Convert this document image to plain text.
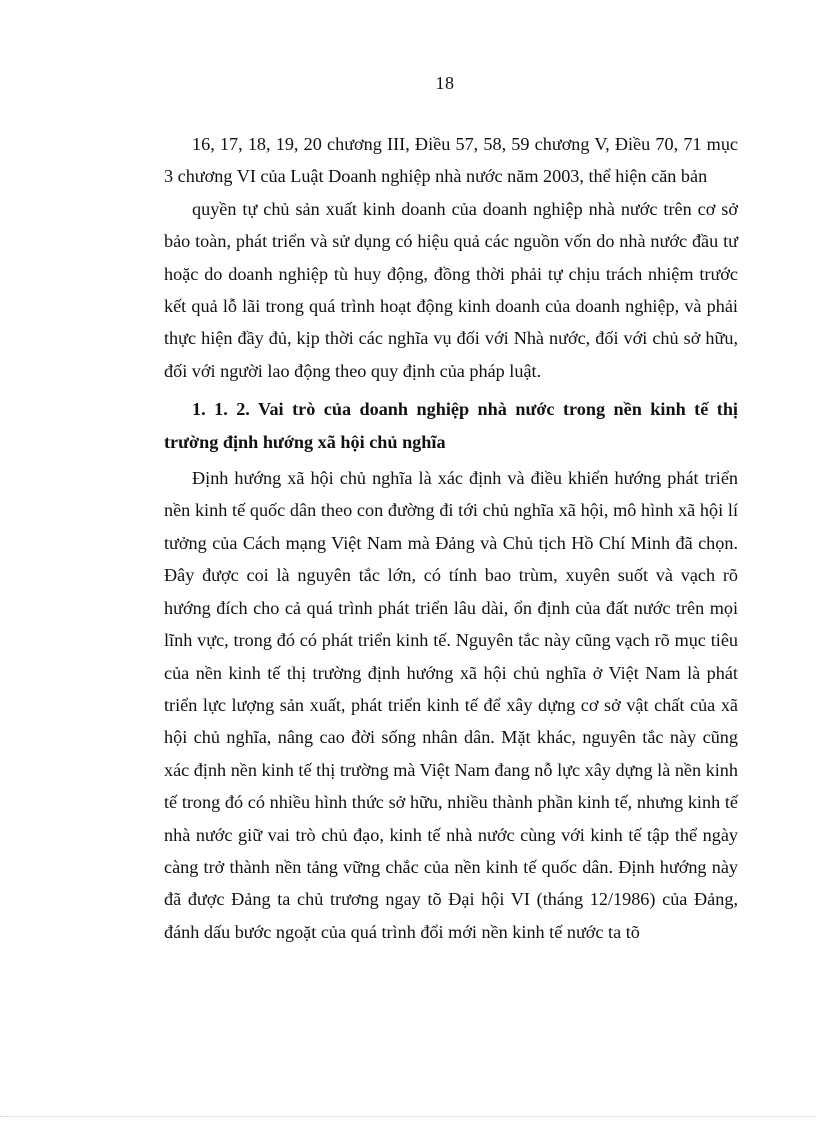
18

16, 17, 18, 19, 20 chương III, Điều 57, 58, 59 chương V, Điều 70, 71 mục 3 chương VI của Luật Doanh nghiệp nhà nước năm 2003, thể hiện căn bản

quyền tự chủ sản xuất kinh doanh của doanh nghiệp nhà nước trên cơ sở bảo toàn, phát triển và sử dụng có hiệu quả các nguồn vốn do nhà nước đầu tư hoặc do doanh nghiệp tù huy động, đồng thời phải tự chịu trách nhiệm trước kết quả lỗ lãi trong quá trình hoạt động kinh doanh của doanh nghiệp, và phải thực hiện đầy đủ, kịp thời các nghĩa vụ đối với Nhà nước, đối với chủ sở hữu, đối với người lao động theo quy định của pháp luật.

1. 1. 2. Vai trò của doanh nghiệp nhà nước trong nền kinh tế thị trường định hướng xã hội chủ nghĩa

Định hướng xã hội chủ nghĩa là xác định và điều khiển hướng phát triển nền kinh tế quốc dân theo con đường đi tới chủ nghĩa xã hội, mô hình xã hội lí tưởng của Cách mạng Việt Nam mà Đảng và Chủ tịch Hồ Chí Minh đã chọn. Đây được coi là nguyên tắc lớn, có tính bao trùm, xuyên suốt và vạch rõ hướng đích cho cả quá trình phát triển lâu dài, ổn định của đất nước trên mọi lĩnh vực, trong đó có phát triển kinh tế. Nguyên tắc này cũng vạch rõ mục tiêu của nền kinh tế thị trường định hướng xã hội chủ nghĩa ở Việt Nam là phát triển lực lượng sản xuất, phát triển kinh tế để xây dựng cơ sở vật chất của xã hội chủ nghĩa, nâng cao đời sống nhân dân. Mặt khác, nguyên tắc này cũng xác định nền kinh tế thị trường mà Việt Nam đang nỗ lực xây dựng là nền kinh tế trong đó có nhiều hình thức sở hữu, nhiều thành phần kinh tế, nhưng kinh tế nhà nước giữ vai trò chủ đạo, kinh tế nhà nước cùng với kinh tế tập thể ngày càng trở thành nền tảng vững chắc của nền kinh tế quốc dân. Định hướng này đã được Đảng ta chủ trương ngay tõ Đại hội VI (tháng 12/1986) của Đảng, đánh dấu bước ngoặt của quá trình đổi mới nền kinh tế nước ta tõ
